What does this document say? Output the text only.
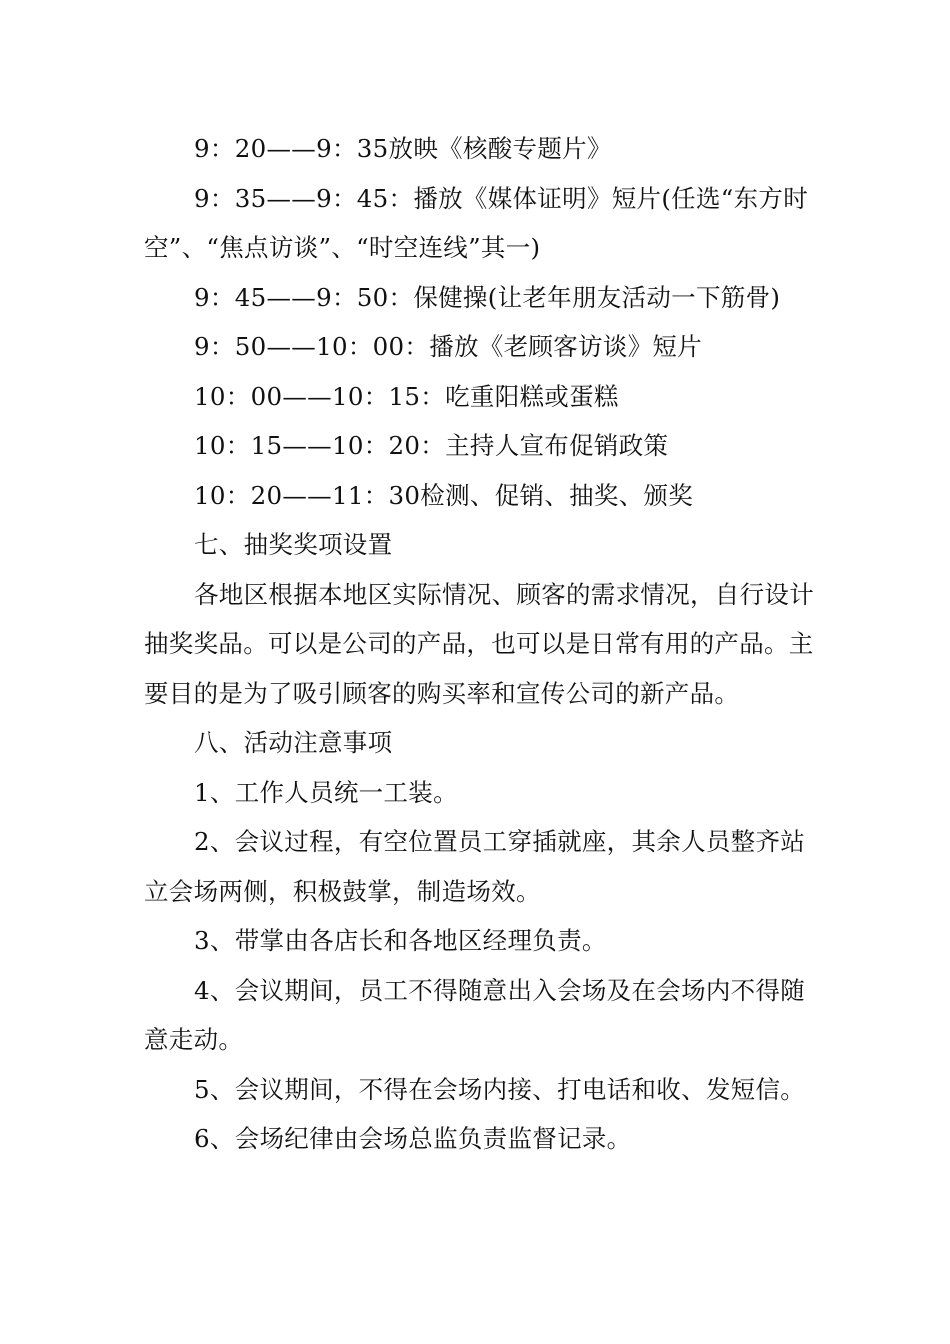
9：20——9：35放映《核酸专题片》

9：35——9：45：播放《媒体证明》短片(任选“东方时空”、“焦点访谈”、“时空连线”其一)

9：45——9：50：保健操(让老年朋友活动一下筋骨)

9：50——10：00：播放《老顾客访谈》短片

10：00——10：15：吃重阳糕或蛋糕

10：15——10：20：主持人宣布促销政策

10：20——11：30检测、促销、抽奖、颁奖

七、抽奖奖项设置

各地区根据本地区实际情况、顾客的需求情况，自行设计抽奖奖品。可以是公司的产品，也可以是日常有用的产品。主要目的是为了吸引顾客的购买率和宣传公司的新产品。

八、活动注意事项

1、工作人员统一工装。

2、会议过程，有空位置员工穿插就座，其余人员整齐站立会场两侧，积极鼓掌，制造场效。

3、带掌由各店长和各地区经理负责。

4、会议期间，员工不得随意出入会场及在会场内不得随意走动。

5、会议期间，不得在会场内接、打电话和收、发短信。

6、会场纪律由会场总监负责监督记录。
